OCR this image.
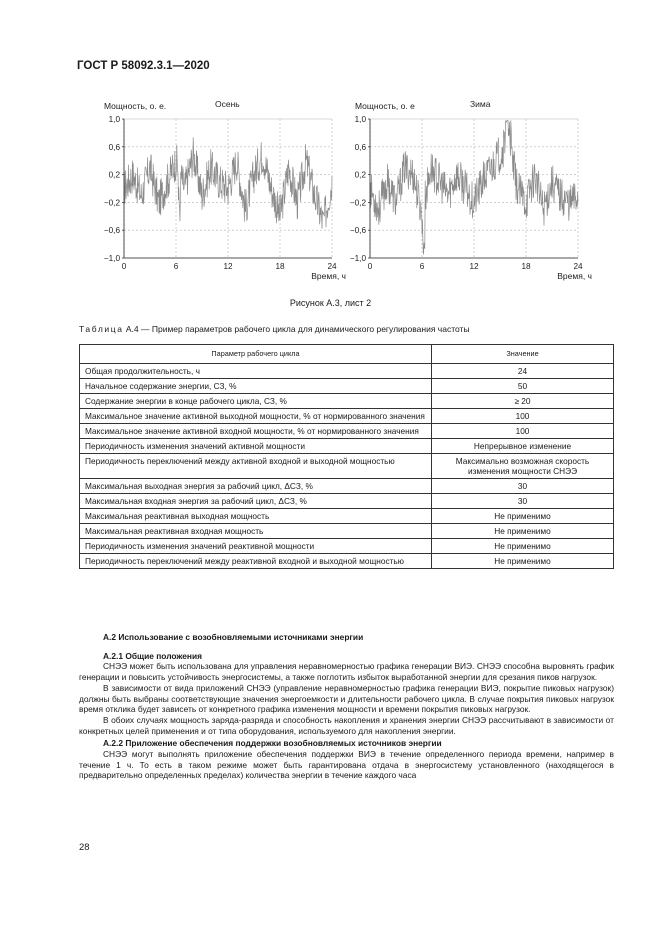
ГОСТ Р 58092.3.1—2020
1,0
0,6
0,2
−0,2
−0,6
−1,0
0	6	12	18	24
Мощность, о. е.	Осень
Время, ч
1,0
0,6
0,2
−0,2
−0,6
−1,0
0	6	12	18	24
Мощность, о. е	Зима
Время, ч
Рисунок А.3, лист 2
Таблица А.4 — Пример параметров рабочего цикла для динамического регулирования частоты
Параметр рабочего цикла	Значение
Общая продолжительность, ч	24
Начальное содержание энергии, СЗ, %	50
Содержание энергии в конце рабочего цикла, СЗ, %	≥ 20
Максимальное значение активной выходной мощности, % от нормированного значения	100
Максимальное значение активной входной мощности, % от нормированного значения	100
Периодичность изменения значений активной мощности	Непрерывное изменение
Периодичность переключений между активной входной и выходной мощностью	Максимально возможная скорость изменения мощности СНЭЭ
Максимальная выходная энергия за рабочий цикл, ΔСЗ, %	30
Максимальная входная энергия за рабочий цикл, ΔСЗ, %	30
Максимальная реактивная выходная мощность	Не применимо
Максимальная реактивная входная мощность	Не применимо
Периодичность изменения значений реактивной мощности	Не применимо
Периодичность переключений между реактивной входной и выходной мощностью	Не применимо
А.2 Использование с возобновляемыми источниками энергии
А.2.1 Общие положения

СНЭЭ может быть использована для управления неравномерностью графика генерации ВИЭ. СНЭЭ способна выровнять график генерации и повысить устойчивость энергосистемы, а также поглотить избыток выработанной энергии для срезания пиков нагрузок.

В зависимости от вида приложений СНЭЭ (управление неравномерностью графика генерации ВИЭ, покрытие пиковых нагрузок) должны быть выбраны соответствующие значения энергоемкости и длительности рабочего цикла. В случае покрытия пиковых нагрузок время отклика будет зависеть от конкретного графика изменения мощности и времени покрытия пиковых нагрузок.

В обоих случаях мощность заряда-разряда и способность накопления и хранения энергии СНЭЭ рассчитывают в зависимости от конкретных целей применения и от типа оборудования, используемого для накопления энергии.

А.2.2 Приложение обеспечения поддержки возобновляемых источников энергии

СНЭЭ могут выполнять приложение обеспечения поддержки ВИЭ в течение определенного периода времени, например в течение 1 ч. То есть в таком режиме может быть гарантирована отдача в энергосистему установленного (находящегося в предварительно определенных пределах) количества энергии в течение каждого часа

28
